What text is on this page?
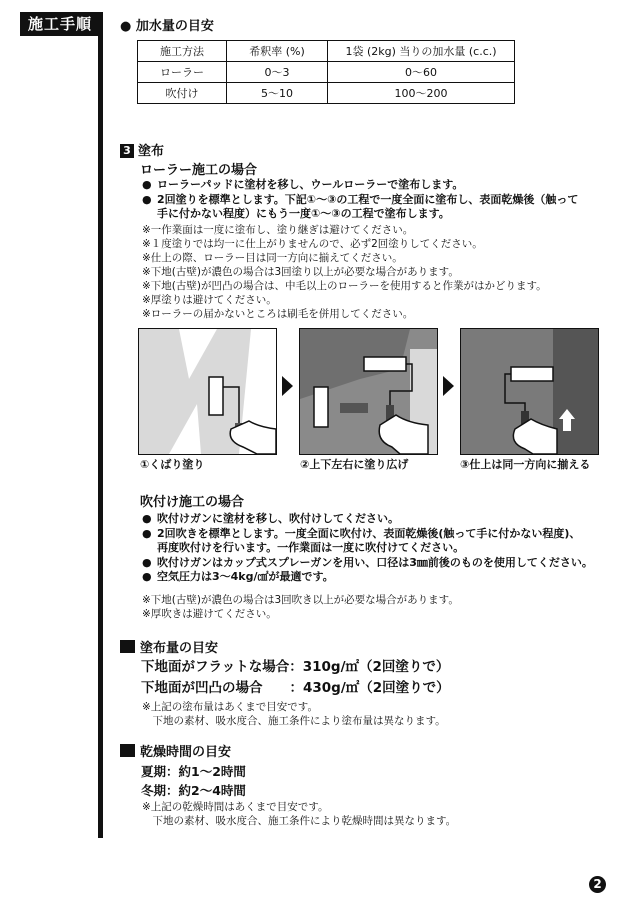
施工手順	● 加水量の目安
施工方法	希釈率 (%)	1袋 (2kg) 当りの加水量 (c.c.)
ローラー	0〜3	0〜60
吹付け	5〜10	100〜200
3 塗布
ローラー施工の場合
● ローラーパッドに塗材を移し、ウールローラーで塗布します。
● 2回塗りを標準とします。下記①〜③の工程で一度全面に塗布し、表面乾燥後（触って
手に付かない程度）にもう一度①〜③の工程で塗布します。
※一作業面は一度に塗布し、塗り継ぎは避けてください。
※１度塗りでは均一に仕上がりませんので、必ず2回塗りしてください。
※仕上の際、ローラー目は同一方向に揃えてください。
※下地(古壁)が濃色の場合は3回塗り以上が必要な場合があります。
※下地(古壁)が凹凸の場合は、中毛以上のローラーを使用すると作業がはかどります。
※厚塗りは避けてください。
※ローラーの届かないところは刷毛を併用してください。
①くばり塗り	②上下左右に塗り広げ	③仕上は同一方向に揃える
吹付け施工の場合
● 吹付けガンに塗材を移し、吹付けしてください。
● 2回吹きを標準とします。一度全面に吹付け、表面乾燥後(触って手に付かない程度)、
再度吹付けを行います。一作業面は一度に吹付けてください。
● 吹付けガンはカップ式スプレーガンを用い、口径は3㎜前後のものを使用してください。
● 空気圧力は3〜4kg/㎠が最適です。
※下地(古壁)が濃色の場合は3回吹き以上が必要な場合があります。
※厚吹きは避けてください。
塗布量の目安
下地面がフラットな場合：310g/㎡（2回塗りで）
下地面が凹凸の場合　　：430g/㎡（2回塗りで）
※上記の塗布量はあくまで目安です。
　下地の素材、吸水度合、施工条件により塗布量は異なります。
乾燥時間の目安
夏期：約1〜2時間
冬期：約2〜4時間
※上記の乾燥時間はあくまで目安です。
　下地の素材、吸水度合、施工条件により乾燥時間は異なります。
2
